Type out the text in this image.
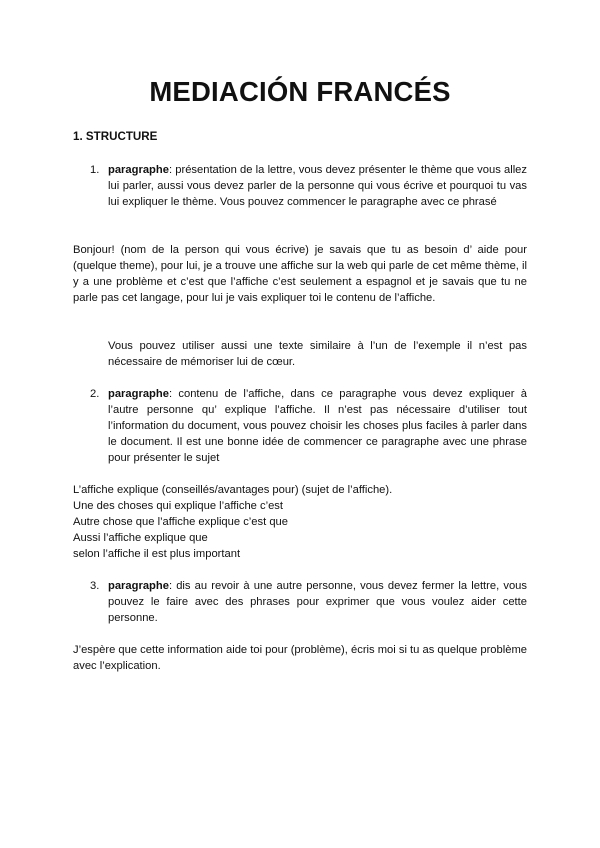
MEDIACIÓN FRANCÉS
1. STRUCTURE
1. paragraphe: présentation de la lettre, vous devez présenter le thème que vous allez lui parler, aussi vous devez parler de la personne qui vous écrive et pourquoi tu vas lui expliquer le thème. Vous pouvez commencer le paragraphe avec ce phrasé

Bonjour! (nom de la person qui vous écrive) je savais que tu as besoin d’ aide pour (quelque theme), pour lui, je a trouve une affiche sur la web qui parle de cet même thème, il y a une problème et c’est que l’affiche c’est seulement a espagnol et je savais que tu ne parle pas cet langage, pour lui je vais expliquer toi le contenu de l’affiche.

Vous pouvez utiliser aussi une texte similaire à l’un de l’exemple il n’est pas nécessaire de mémoriser lui de cœur.

2. paragraphe: contenu de l’affiche, dans ce paragraphe vous devez expliquer à l’autre personne qu’ explique l’affiche. Il n’est pas nécessaire d’utiliser tout l’information du document, vous pouvez choisir les choses plus faciles à parler dans le document. Il est une bonne idée de commencer ce paragraphe avec une phrase pour présenter le sujet
L’affiche explique (conseillés/avantages pour) (sujet de l’affiche).
Une des choses qui explique l’affiche c’est
Autre chose que l’affiche explique c’est que
Aussi l’affiche explique que
selon l’affiche il est plus important
3. paragraphe: dis au revoir à une autre personne, vous devez fermer la lettre, vous pouvez le faire avec des phrases pour exprimer que vous voulez aider cette personne.

J’espère que cette information aide toi pour (problème), écris moi si tu as quelque problème avec l’explication.
